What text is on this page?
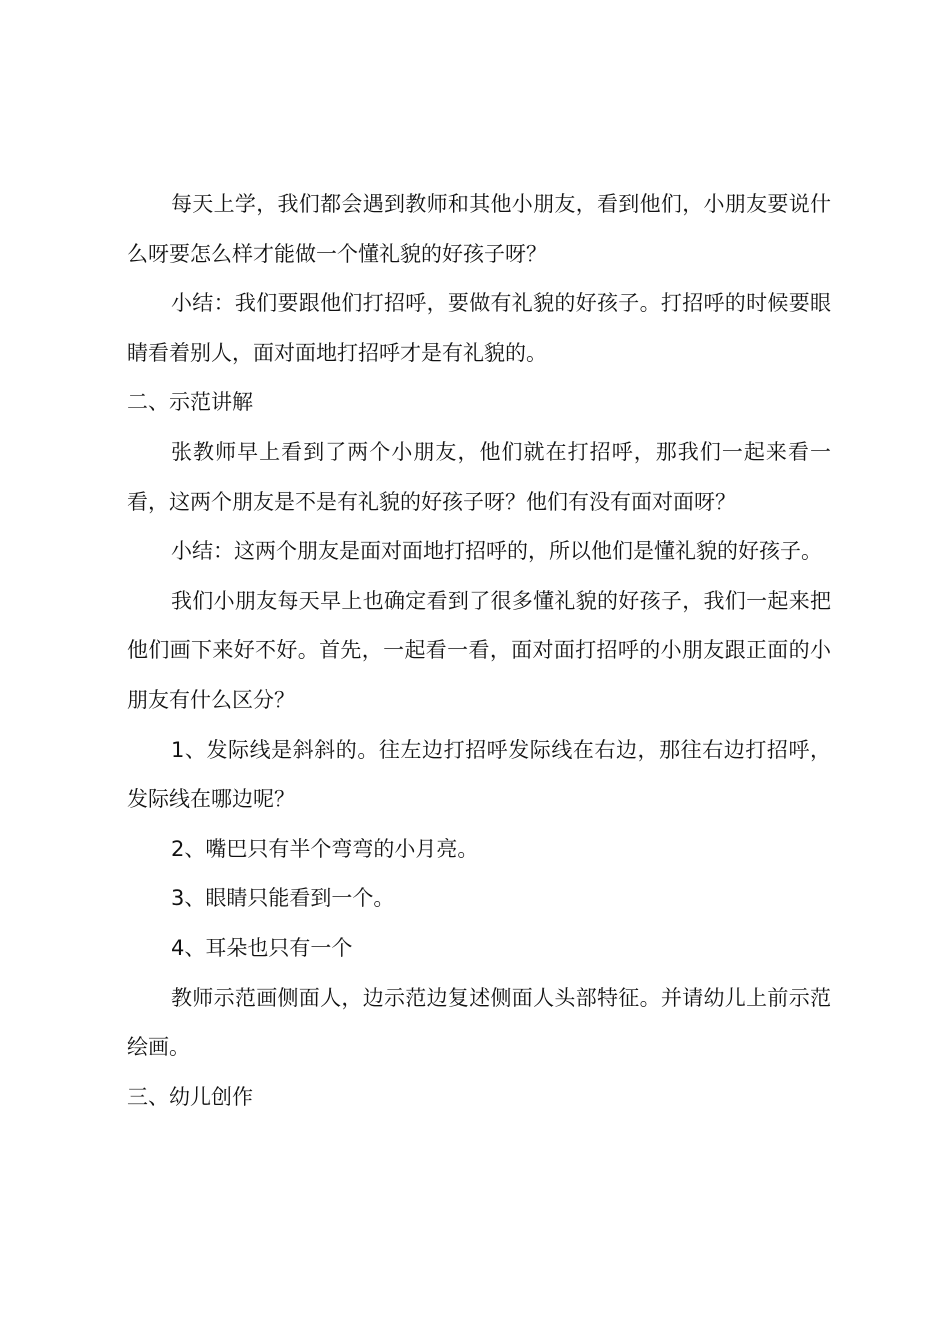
每天上学，我们都会遇到教师和其他小朋友，看到他们，小朋友要说什么呀要怎么样才能做一个懂礼貌的好孩子呀？

小结：我们要跟他们打招呼，要做有礼貌的好孩子。打招呼的时候要眼睛看着别人，面对面地打招呼才是有礼貌的。

二、示范讲解

张教师早上看到了两个小朋友，他们就在打招呼，那我们一起来看一看，这两个朋友是不是有礼貌的好孩子呀？他们有没有面对面呀？

小结：这两个朋友是面对面地打招呼的，所以他们是懂礼貌的好孩子。

我们小朋友每天早上也确定看到了很多懂礼貌的好孩子，我们一起来把他们画下来好不好。首先，一起看一看，面对面打招呼的小朋友跟正面的小朋友有什么区分？

1、发际线是斜斜的。往左边打招呼发际线在右边，那往右边打招呼，发际线在哪边呢？

2、嘴巴只有半个弯弯的小月亮。

3、眼睛只能看到一个。

4、耳朵也只有一个

教师示范画侧面人，边示范边复述侧面人头部特征。并请幼儿上前示范绘画。

三、幼儿创作
